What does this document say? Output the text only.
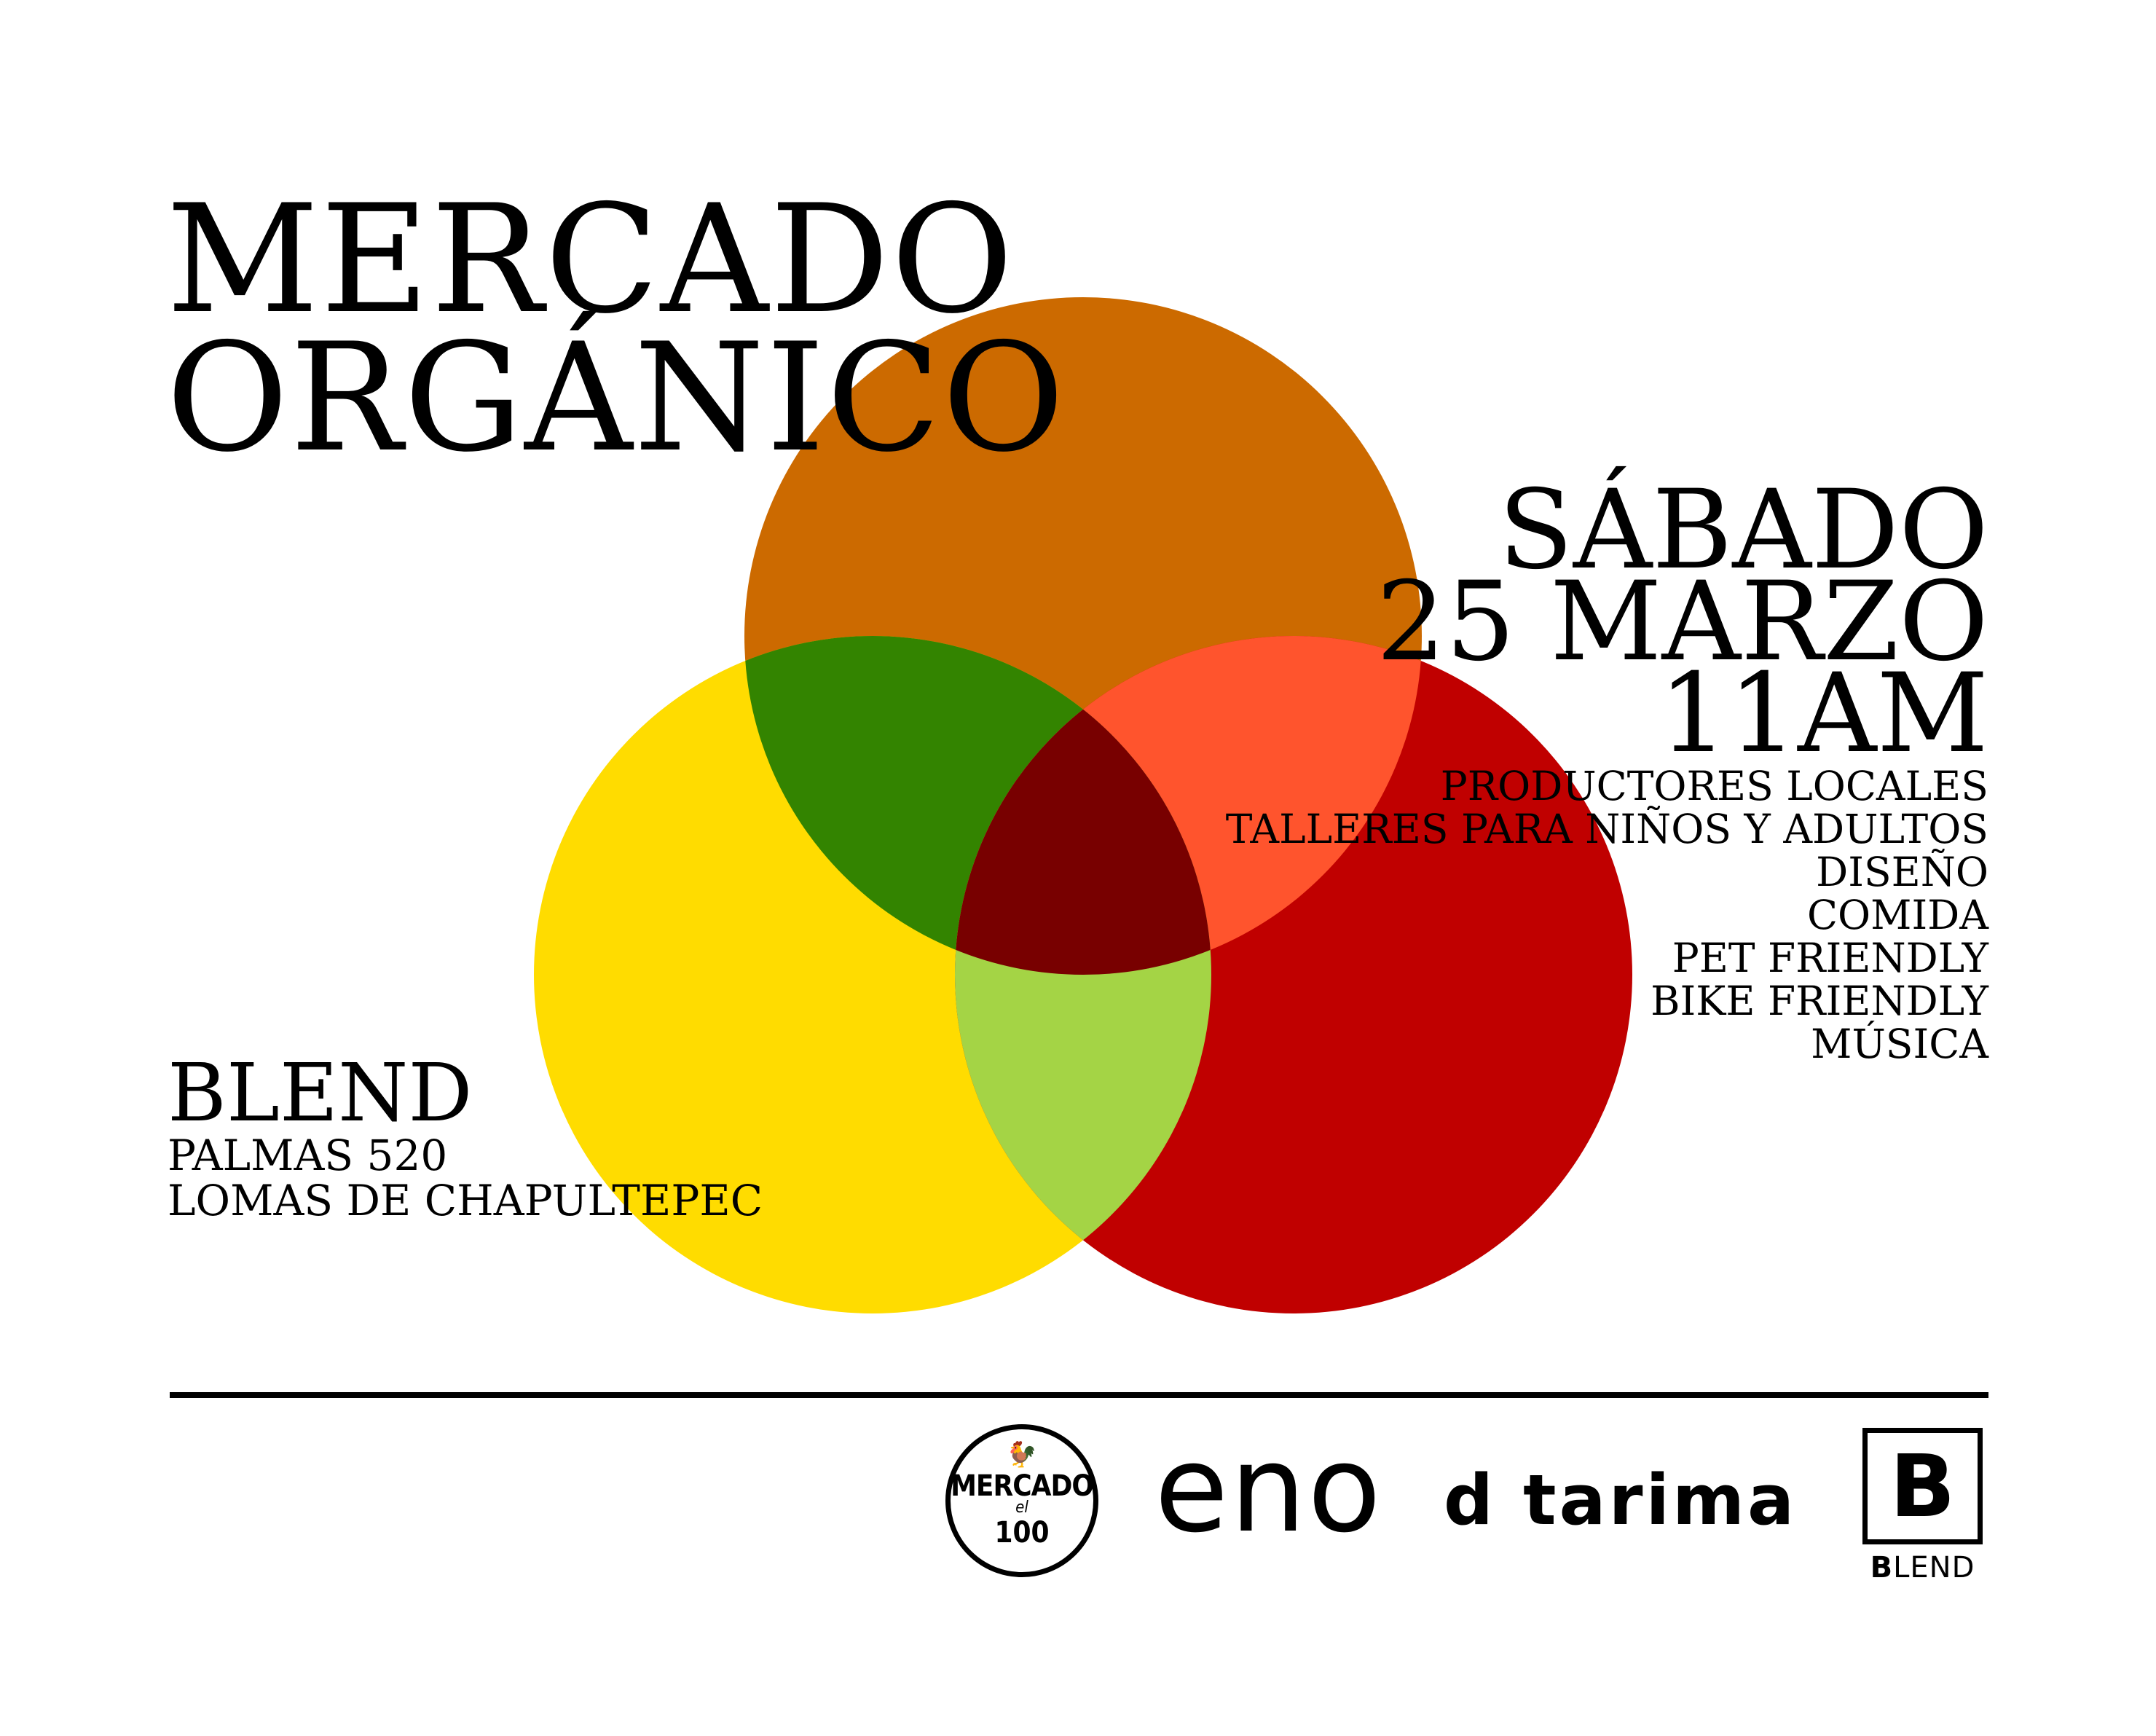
MERCADO
ORGÁNICO
SÁBADO
25 MARZO
11AM
PRODUCTORES LOCALES
TALLERES PARA NIÑOS Y ADULTOS
DISEÑO
COMIDA
PET FRIENDLY
BIKE FRIENDLY
MÚSICA
BLEND
PALMAS 520
LOMAS DE CHAPULTEPEC
🐓
MERCADO
el
100 eno d tarima	B
BLEND
